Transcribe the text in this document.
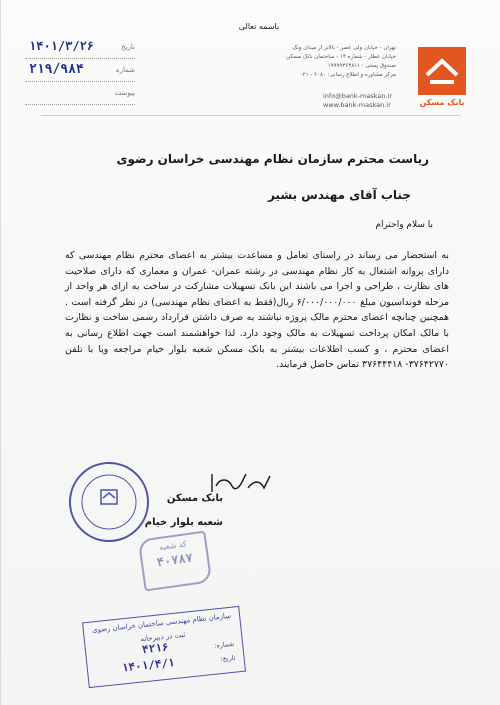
باسمه تعالی
تاریخ
۱۴۰۱/۳/۲۶
شماره
۲۱۹/۹۸۴
پیوست
تهران - خیابان ولی عصر - بالاتر از میدان ونک
خیابان عطار - شماره ۱۴ - ساختمان بانک مسکن
صندوق پستی : ۱۹۹۹۹۳۶۳۸۱۱
مرکز مشاوره و اطلاع رسانی: ۶۰۸۰ - ۰۲۱
info@bank-maskan.ir
www.bank-maskan.ir	بانک مسکن
ریاست محترم سازمان نظام مهندسی خراسان رضوی
جناب آقای مهندس بشیر
با سلام واحترام
به استحضار می رساند در راستای تعامل و مساعدت بیشتر به اعضای محترم نظام مهندسی که دارای پروانه اشتغال به کار نظام مهندسی در رشته عمران- عمران و معماری که دارای صلاحیت های نظارت ، طراحی و اجرا می باشند این بانک تسهیلات مشارکت در ساخت به ازای هر واحد از مرحله فونداسیون مبلغ ۶/۰۰۰/۰۰۰/۰۰۰ ریال(فقط به اعضای نظام مهندسی) در نظر گرفته است . همچنین چنانچه اعضای محترم مالک پروژه نباشند به صرف داشتن قرارداد رسمی ساخت و نظارت با مالک امکان پرداخت تسهیلات به مالک وجود دارد. لذا خواهشمند است جهت اطلاع رسانی به اعضای محترم ، و کسب اطلاعات بیشتر به بانک مسکن شعبه بلوار خیام مراجعه ویا با تلفن ۳۷۶۴۲۷۷۰- ۳۷۶۴۴۴۱۸ تماس حاصل فرمایند.
بانک مسکن
شعبه بلوار خیام
کد شعبه
۴۰۷۸۷
سازمان نظام مهندسی ساختمان خراسان رضوی
ثبت در دبیرخانه
شماره:
تاریخ:
۴۲۱۶
۱۴۰۱/۴/۱
